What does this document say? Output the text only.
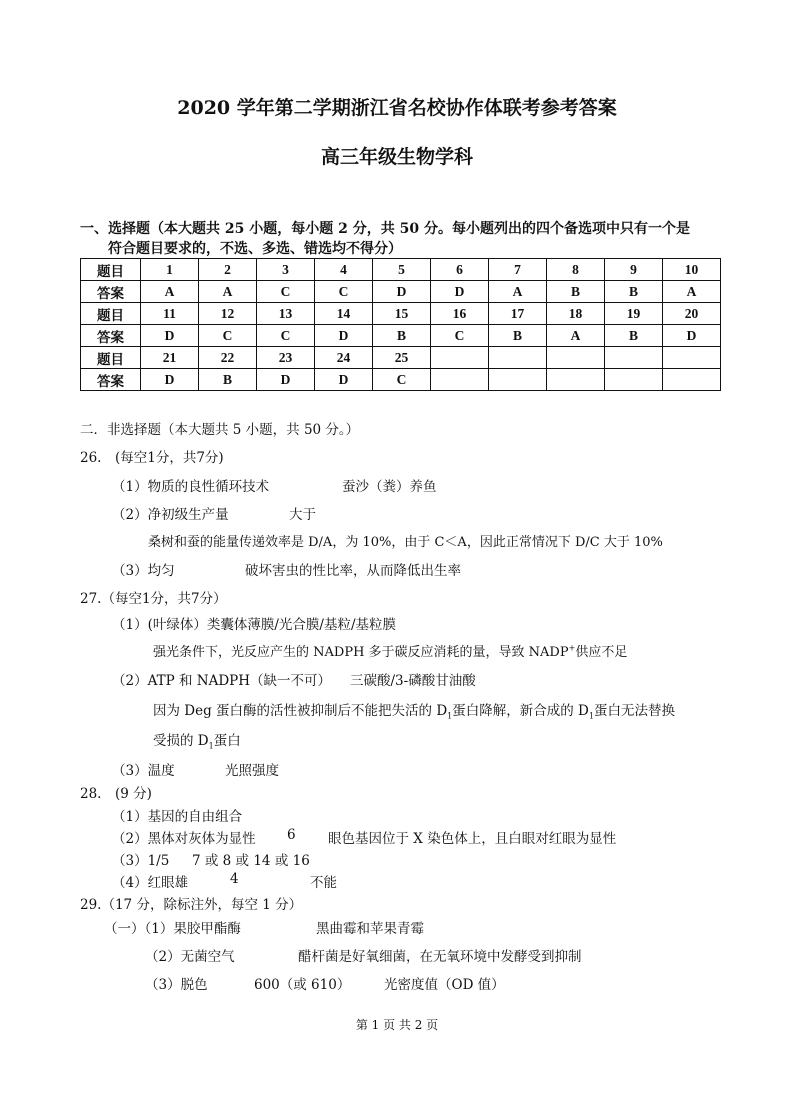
2020 学年第二学期浙江省名校协作体联考参考答案
高三年级生物学科
一、选择题（本大题共 25 小题，每小题 2 分，共 50 分。每小题列出的四个备选项中只有一个是
符合题目要求的，不选、多选、错选均不得分）
题目	1	2	3	4	5	6	7	8	9	10
答案	A	A	C	C	D	D	A	B	B	A
题目	11	12	13	14	15	16	17	18	19	20
答案	D	C	C	D	B	C	B	A	B	D
题目	21	22	23	24	25					
答案	D	B	D	D	C					
二．非选择题（本大题共 5 小题，共 50 分。）
26.　(每空1分，共7分)
（1）物质的良性循环技术	蚕沙（粪）养鱼
（2）净初级生产量	大于
桑树和蚕的能量传递效率是 D/A，为 10%，由于 C＜A，因此正常情况下 D/C 大于 10%
（3）均匀	破坏害虫的性比率，从而降低出生率
27.（每空1分，共7分）
（1）(叶绿体）类囊体薄膜/光合膜/基粒/基粒膜
强光条件下，光反应产生的 NADPH 多于碳反应消耗的量，导致 NADP+供应不足
（2）ATP 和 NADPH（缺一不可） 三碳酸/3-磷酸甘油酸
因为 Deg 蛋白酶的活性被抑制后不能把失活的 $D_1$蛋白降解，新合成的 $D_1$蛋白无法替换
受损的 $D_1$蛋白
（3）温度	光照强度
28.　(9 分)
（1）基因的自由组合
（2）黑体对灰体为显性 6 眼色基因位于 X 染色体上，且白眼对红眼为显性
（3）1/5 7 或 8 或 14 或 16
（4）红眼雄	4	不能
29.（17 分，除标注外，每空 1 分）
（一）（1）果胶甲酯酶	黑曲霉和苹果青霉
（2）无菌空气	醋杆菌是好氧细菌，在无氧环境中发酵受到抑制
（3）脱色	600（或 610） 光密度值（OD 值）
第 1 页 共 2 页
